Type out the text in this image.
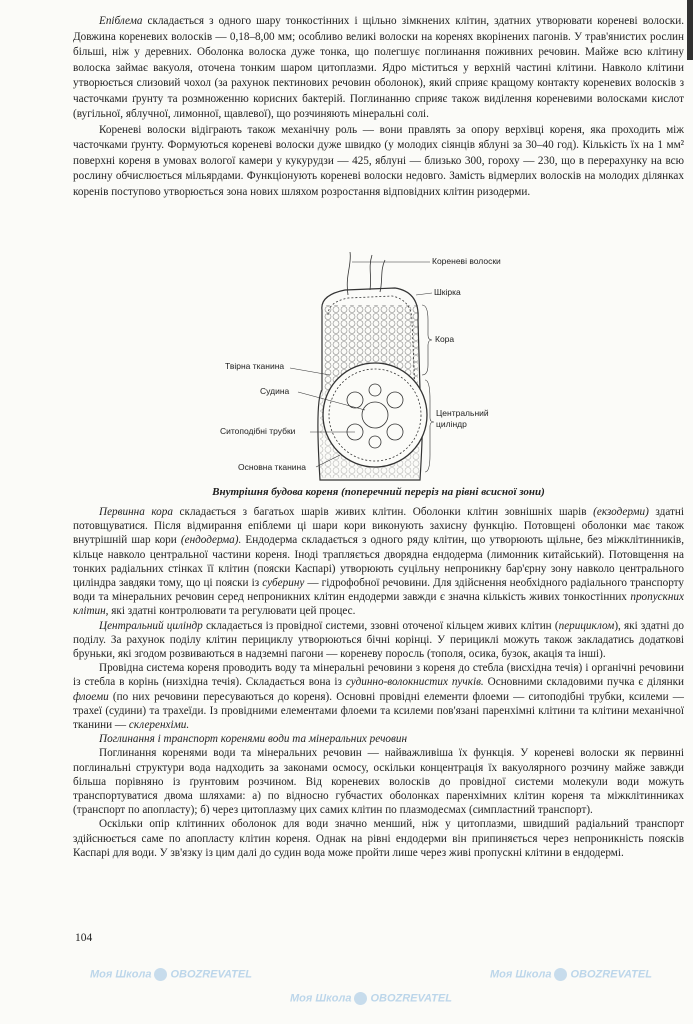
Моя Школа OBOZREVATEL
Моя Школа OBOZREVATEL
Моя Школа OBOZREVATEL

Епіблема складається з одного шару тонкостінних і щільно зімкнених клітин, здатних утворювати кореневі волоски. Довжина кореневих волосків — 0,18–8,00 мм; особливо великі волоски на коренях вкорінених пагонів. У трав'янистих рослин більші, ніж у деревних. Оболонка волоска дуже тонка, що полегшує поглинання поживних речовин. Майже всю клітину волоска займає вакуоля, оточена тонким шаром цитоплазми. Ядро міститься у верхній частині клітини. Навколо клітини утворюється слизовий чохол (за рахунок пектинових речовин оболонок), який сприяє кращому контакту кореневих волосків з часточками ґрунту та розмноженню корисних бактерій. Поглинанню сприяє також виділення кореневими волосками кислот (вугільної, яблучної, лимонної, щавлевої), що розчиняють мінеральні солі.

Кореневі волоски відіграють також механічну роль — вони правлять за опору верхівці кореня, яка проходить між часточками ґрунту. Формуються кореневі волоски дуже швидко (у молодих сіянців яблуні за 30–40 год). Кількість їх на 1 мм² поверхні кореня в умовах вологої камери у кукурудзи — 425, яблуні — близько 300, гороху — 230, що в перерахунку на всю рослину обчислюється мільярдами. Функціонують кореневі волоски недовго. Замість відмерлих волосків на молодих ділянках коренів поступово утворюється зона нових шляхом розростання відповідних клітин ризодерми.

Кореневі волоски
Шкірка
Кора
Твірна тканина
Судина
Центральний циліндр
Ситоподібні трубки
Основна тканина
Внутрішня будова кореня (поперечний переріз на рівні всисної зони)

Первинна кора складається з багатьох шарів живих клітин. Оболонки клітин зовнішніх шарів (екзодерми) здатні потовщуватися. Після відмирання епіблеми ці шари кори виконують захисну функцію. Потовщені оболонки має також внутрішній шар кори (ендодерма). Ендодерма складається з одного ряду клітин, що утворюють щільне, без міжклітинників, кільце навколо центральної частини кореня. Іноді трапляється дворядна ендодерма (лимонник китайський). Потовщення на тонких радіальних стінках її клітин (пояски Каспарі) утворюють суцільну непроникну бар'єрну зону навколо центрального циліндра завдяки тому, що ці пояски із суберину — гідрофобної речовини. Для здійснення необхідного радіального транспорту води та мінеральних речовин серед непроникних клітин ендодерми завжди є значна кількість живих тонкостінних пропускних клітин, які здатні контролювати та регулювати цей процес.

Центральний циліндр складається із провідної системи, ззовні оточеної кільцем живих клітин (перициклом), які здатні до поділу. За рахунок поділу клітин перициклу утворюються бічні корінці. У перициклі можуть також закладатись додаткові бруньки, які згодом розвиваються в надземні пагони — кореневу поросль (тополя, осика, бузок, акація та інші).

Провідна система кореня проводить воду та мінеральні речовини з кореня до стебла (висхідна течія) і органічні речовини із стебла в корінь (низхідна течія). Складається вона із судинно-волокнистих пучків. Основними складовими пучка є ділянки флоеми (по них речовини пересуваються до кореня). Основні провідні елементи флоеми — ситоподібні трубки, ксилеми — трахеї (судини) та трахеїди. Із провідними елементами флоеми та ксилеми пов'язані паренхімні клітини та клітини механічної тканини — склеренхіми.

Поглинання і транспорт коренями води та мінеральних речовин

Поглинання коренями води та мінеральних речовин — найважливіша їх функція. У кореневі волоски як первинні поглинальні структури вода надходить за законами осмосу, оскільки концентрація їх вакуолярного розчину майже завжди більша порівняно із ґрунтовим розчином. Від кореневих волосків до провідної системи молекули води можуть транспортуватися двома шляхами: а) по відносно губчастих оболонках паренхімних клітин кореня та міжклітинниках (транспорт по апопласту); б) через цитоплазму цих самих клітин по плазмодесмах (симпластний транспорт).

Оскільки опір клітинних оболонок для води значно менший, ніж у цитоплазми, швидший радіальний транспорт здійснюється саме по апопласту клітин кореня. Однак на рівні ендодерми він припиняється через непроникність поясків Каспарі для води. У зв'язку із цим далі до судин вода може пройти лише через живі пропускні клітини в ендодермі.

104
